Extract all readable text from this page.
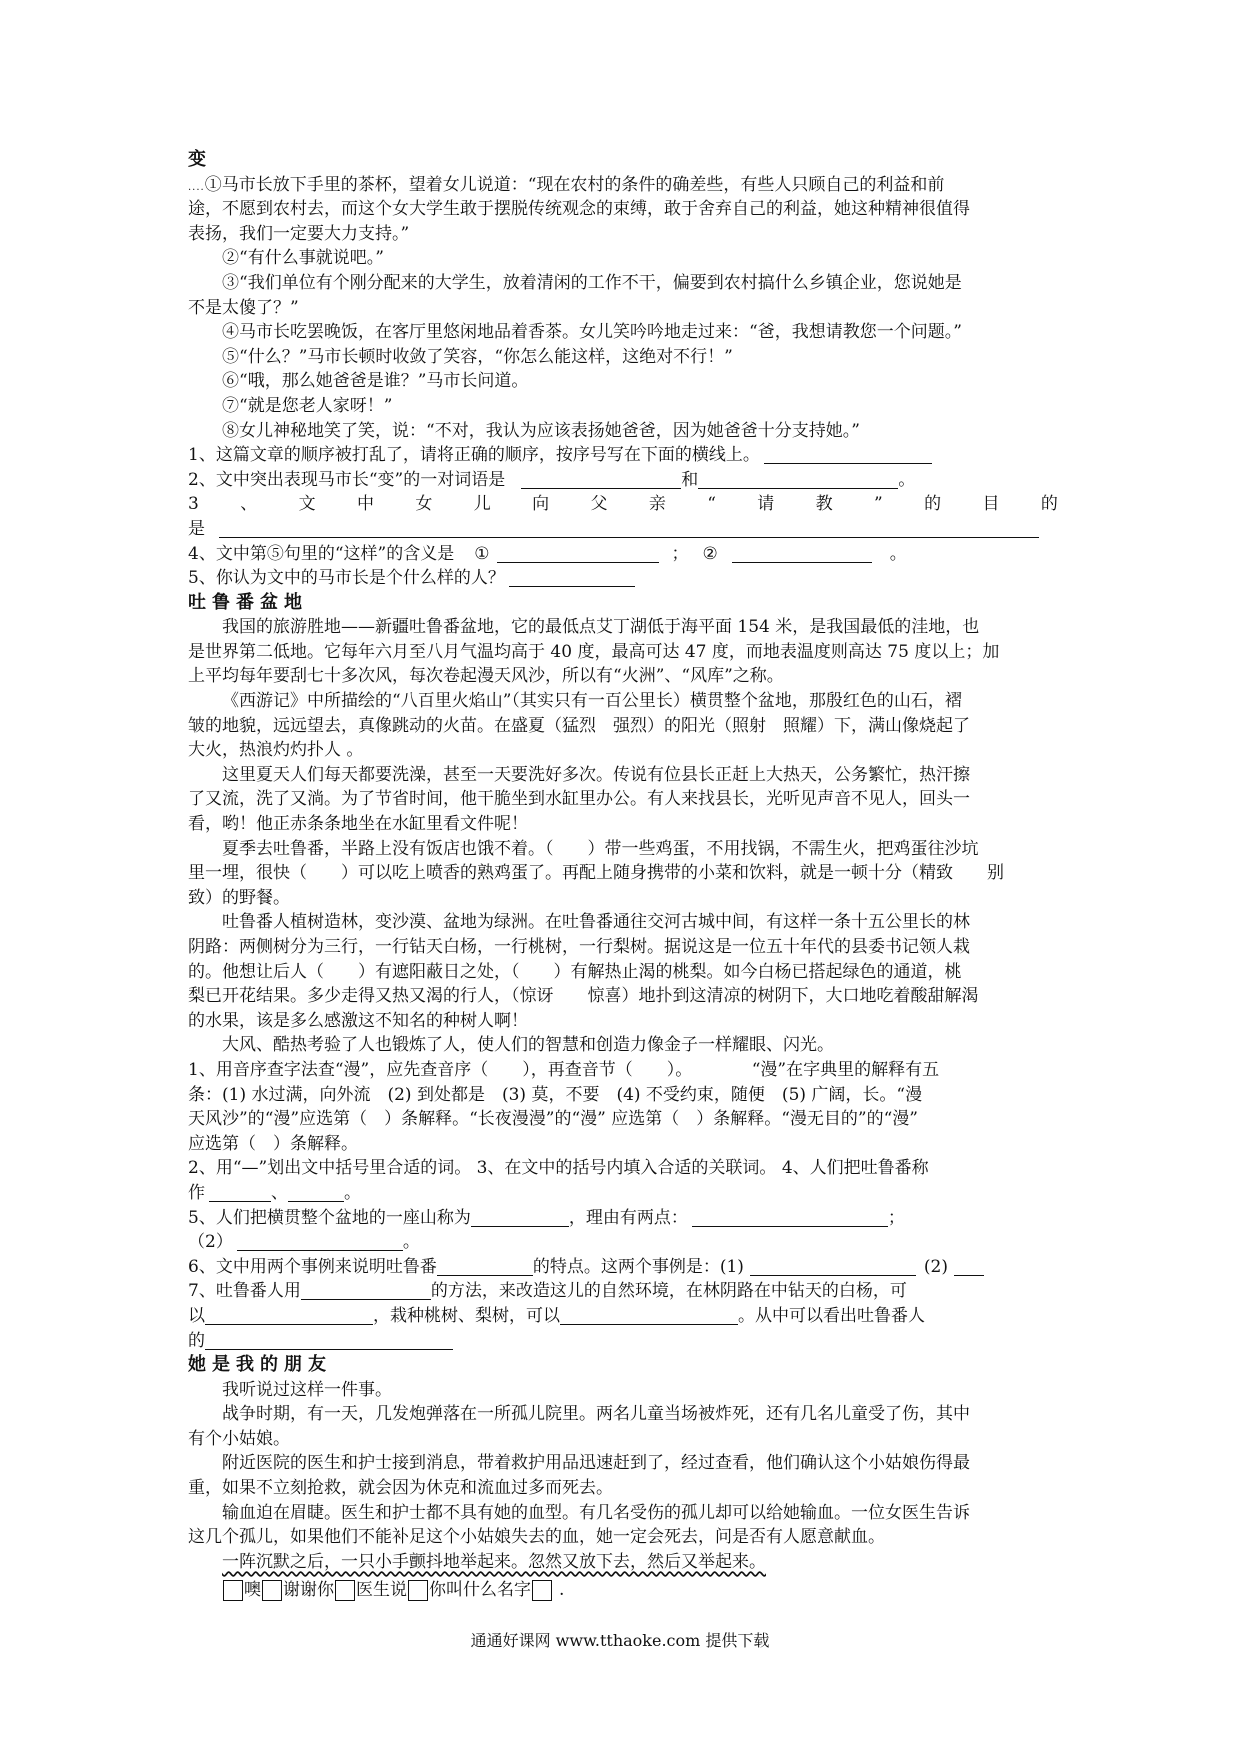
变
....①马市长放下手里的茶杯，望着女儿说道：“现在农村的条件的确差些，有些人只顾自己的利益和前
途，不愿到农村去，而这个女大学生敢于摆脱传统观念的束缚，敢于舍弃自己的利益，她这种精神很值得
表扬，我们一定要大力支持。”
②“有什么事就说吧。”
③“我们单位有个刚分配来的大学生，放着清闲的工作不干，偏要到农村搞什么乡镇企业，您说她是
不是太傻了？”
④马市长吃罢晚饭，在客厅里悠闲地品着香茶。女儿笑吟吟地走过来：“爸，我想请教您一个问题。”
⑤“什么？”马市长顿时收敛了笑容，“你怎么能这样，这绝对不行！”
⑥“哦，那么她爸爸是谁？”马市长问道。
⑦“就是您老人家呀！”
⑧女儿神秘地笑了笑，说：“不对，我认为应该表扬她爸爸，因为她爸爸十分支持她。”
1、这篇文章的顺序被打乱了，请将正确的顺序，按序号写在下面的横线上。
2、文中突出表现马市长“变”的一对词语是	和	。
3 、 文 中 女 儿 向 父 亲 “ 请 教 ” 的 目 的
是
4、文中第⑤句里的“这样”的含义是 ①	； ②	。
5、你认为文中的马市长是个什么样的人？
吐鲁番盆地
我国的旅游胜地——新疆吐鲁番盆地，它的最低点艾丁湖低于海平面 154 米，是我国最低的洼地，也
是世界第二低地。它每年六月至八月气温均高于 40 度，最高可达 47 度，而地表温度则高达 75 度以上；加
上平均每年要刮七十多次风，每次卷起漫天风沙，所以有“火洲”、“风库”之称。
《西游记》中所描绘的“八百里火焰山”（其实只有一百公里长）横贯整个盆地，那殷红色的山石，褶
皱的地貌，远远望去，真像跳动的火苗。在盛夏（猛烈　强烈）的阳光（照射　照耀）下，满山像烧起了
大火，热浪灼灼扑人 。
这里夏天人们每天都要洗澡，甚至一天要洗好多次。传说有位县长正赶上大热天，公务繁忙，热汗擦
了又流，洗了又淌。为了节省时间，他干脆坐到水缸里办公。有人来找县长，光听见声音不见人，回头一
看，哟！他正赤条条地坐在水缸里看文件呢！
夏季去吐鲁番，半路上没有饭店也饿不着。（　　）带一些鸡蛋，不用找锅，不需生火，把鸡蛋往沙坑
里一埋，很快（　　）可以吃上喷香的熟鸡蛋了。再配上随身携带的小菜和饮料，就是一顿十分（精致　　别
致）的野餐。
吐鲁番人植树造林，变沙漠、盆地为绿洲。在吐鲁番通往交河古城中间，有这样一条十五公里长的林
阴路：两侧树分为三行，一行钻天白杨，一行桃树，一行梨树。据说这是一位五十年代的县委书记领人栽
的。他想让后人（　　）有遮阳蔽日之处，（　　）有解热止渴的桃梨。如今白杨已搭起绿色的通道，桃
梨已开花结果。多少走得又热又渴的行人，（惊讶　　惊喜）地扑到这清凉的树阴下，大口地吃着酸甜解渴
的水果，该是多么感激这不知名的种树人啊！
大风、酷热考验了人也锻炼了人，使人们的智慧和创造力像金子一样耀眼、闪光。
1、用音序查字法查“漫”，应先查音序（　　），再查音节（　　）。　　　　“漫”在字典里的解释有五
条：(1) 水过满，向外流　(2) 到处都是　(3) 莫，不要　(4) 不受约束，随便　(5) 广阔，长。“漫
天风沙”的“漫”应选第（　）条解释。“长夜漫漫”的“漫” 应选第（　）条解释。“漫无目的”的“漫”
应选第（　）条解释。
2、用“—”划出文中括号里合适的词。 3、在文中的括号内填入合适的关联词。 4、人们把吐鲁番称
作	、	。
5、人们把横贯整个盆地的一座山称为	，理由有两点：	；
（2）	。
6、文中用两个事例来说明吐鲁番	的特点。这两个事例是：(1)	(2)
7、吐鲁番人用	的方法，来改造这儿的自然环境，在林阴路在中钻天的白杨，可
以	，栽种桃树、梨树，可以	。从中可以看出吐鲁番人
的
她是我的朋友
我听说过这样一件事。
战争时期，有一天，几发炮弹落在一所孤儿院里。两名儿童当场被炸死，还有几名儿童受了伤，其中
有个小姑娘。
附近医院的医生和护士接到消息，带着救护用品迅速赶到了，经过查看，他们确认这个小姑娘伤得最
重，如果不立刻抢救，就会因为休克和流血过多而死去。
输血迫在眉睫。医生和护士都不具有她的血型。有几名受伤的孤儿却可以给她输血。一位女医生告诉
这几个孤儿，如果他们不能补足这个小姑娘失去的血，她一定会死去，问是否有人愿意献血。
一阵沉默之后，一只小手颤抖地举起来。忽然又放下去，然后又举起来。
噢 谢谢你 医生说 你叫什么名字 .
通通好课网 www.tthaoke.com 提供下载
